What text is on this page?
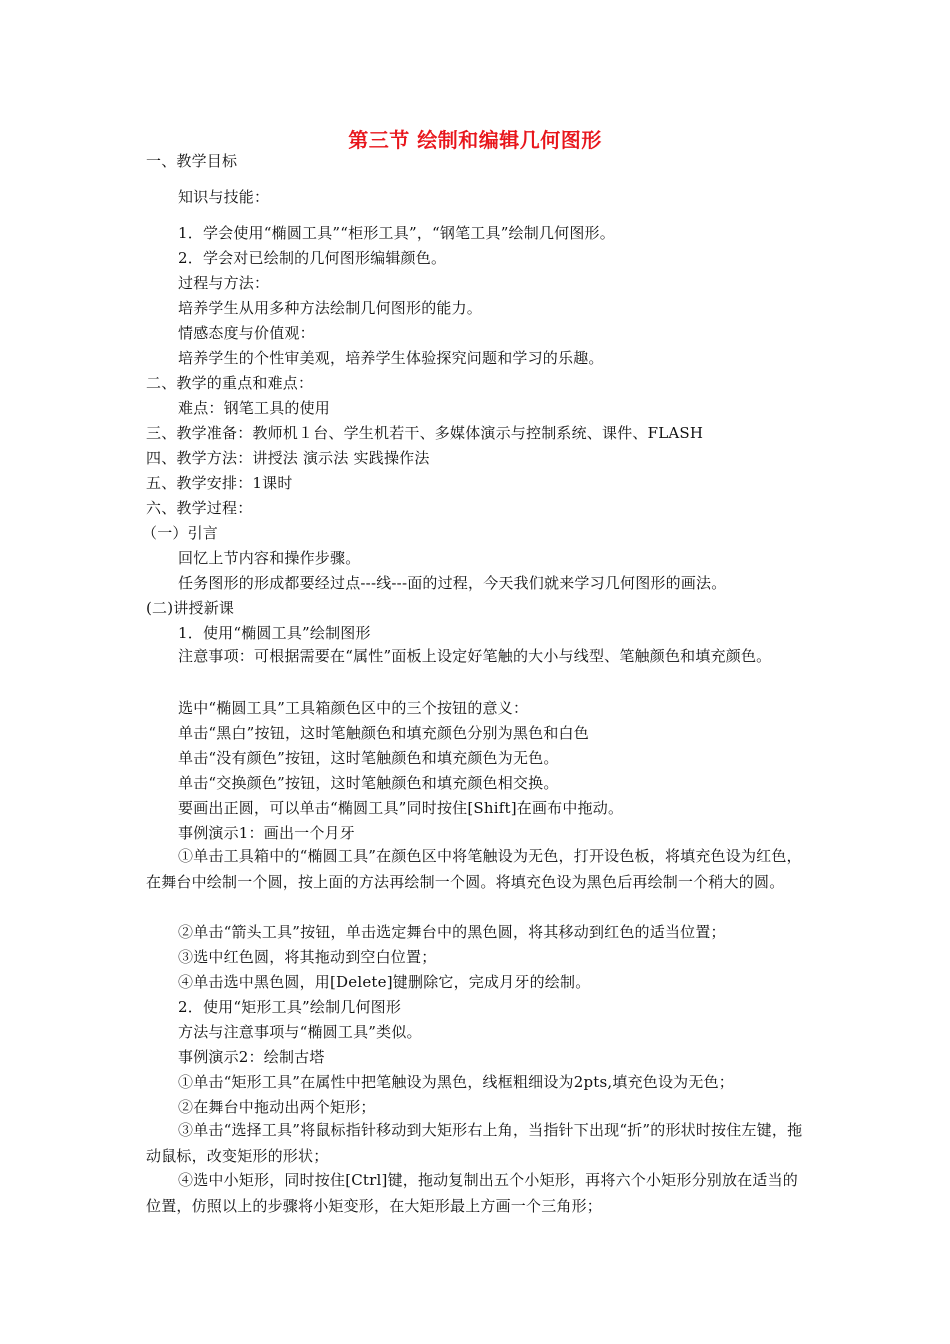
第三节 绘制和编辑几何图形
一、教学目标
知识与技能：
1．学会使用“椭圆工具”“柜形工具”，“钢笔工具”绘制几何图形。
2．学会对已绘制的几何图形编辑颜色。
过程与方法：
培养学生从用多种方法绘制几何图形的能力。
情感态度与价值观：
培养学生的个性审美观，培养学生体验探究问题和学习的乐趣。
二、教学的重点和难点：
难点：钢笔工具的使用
三、教学准备：教师机１台、学生机若干、多媒体演示与控制系统、课件、FLASH
四、教学方法：讲授法 演示法 实践操作法
五、教学安排：1课时
六、教学过程：
（一）引言
回忆上节内容和操作步骤。
任务图形的形成都要经过点---线---面的过程，今天我们就来学习几何图形的画法。
(二)讲授新课
1．使用“椭圆工具”绘制图形
注意事项：可根据需要在“属性”面板上设定好笔触的大小与线型、笔触颜色和填充颜色。
选中“椭圆工具”工具箱颜色区中的三个按钮的意义：
单击“黑白”按钮，这时笔触颜色和填充颜色分别为黑色和白色
单击“没有颜色”按钮，这时笔触颜色和填充颜色为无色。
单击“交换颜色”按钮，这时笔触颜色和填充颜色相交换。
要画出正圆，可以单击“椭圆工具”同时按住[Shift]在画布中拖动。
事例演示1：画出一个月牙
①单击工具箱中的“椭圆工具”在颜色区中将笔触设为无色，打开设色板，将填充色设为红色，在舞台中绘制一个圆，按上面的方法再绘制一个圆。将填充色设为黑色后再绘制一个稍大的圆。
②单击“箭头工具”按钮，单击选定舞台中的黑色圆，将其移动到红色的适当位置；
③选中红色圆，将其拖动到空白位置；
④单击选中黑色圆，用[Delete]键删除它，完成月牙的绘制。
2．使用“矩形工具”绘制几何图形
方法与注意事项与“椭圆工具”类似。
事例演示2：绘制古塔
①单击“矩形工具”在属性中把笔触设为黑色，线框粗细设为2pts,填充色设为无色；
②在舞台中拖动出两个矩形；
③单击“选择工具”将鼠标指针移动到大矩形右上角，当指针下出现“折”的形状时按住左键，拖动鼠标，改变矩形的形状；
④选中小矩形，同时按住[Ctrl]键，拖动复制出五个小矩形，再将六个小矩形分别放在适当的位置，仿照以上的步骤将小矩变形，在大矩形最上方画一个三角形；
